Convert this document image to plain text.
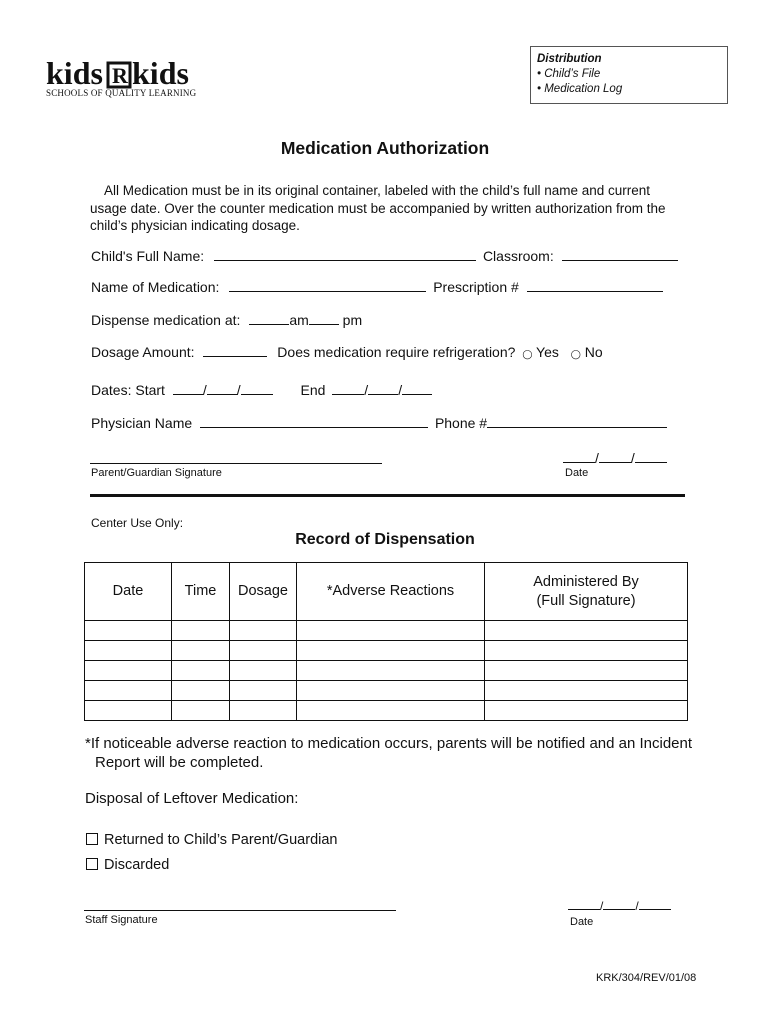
kids R kids
SCHOOLS OF QUALITY LEARNING
Distribution
• Child’s File
• Medication Log
Medication Authorization
All Medication must be in its original container, labeled with the child’s full name and current usage date. Over the counter medication must be accompanied by written authorization from the child’s physician indicating dosage.
Child's Full Name:	Classroom:
Name of Medication:	Prescription #
Dispense medication at:	am pm
Dosage Amount:	Does medication require refrigeration? ◯ Yes ◯ No
Dates: Start	/ /	End	/ /
Physician Name	Phone #
Parent/Guardian Signature
/ /
Date
Center Use Only:
Record of Dispensation
Date	Time	Dosage	*Adverse Reactions	Administered By (Full Signature)

*If noticeable adverse reaction to medication occurs, parents will be notified and an Incident Report will be completed.
Disposal of Leftover Medication:
Returned to Child’s Parent/Guardian
Discarded
Staff Signature
/	/
Date
KRK/304/REV/01/08
